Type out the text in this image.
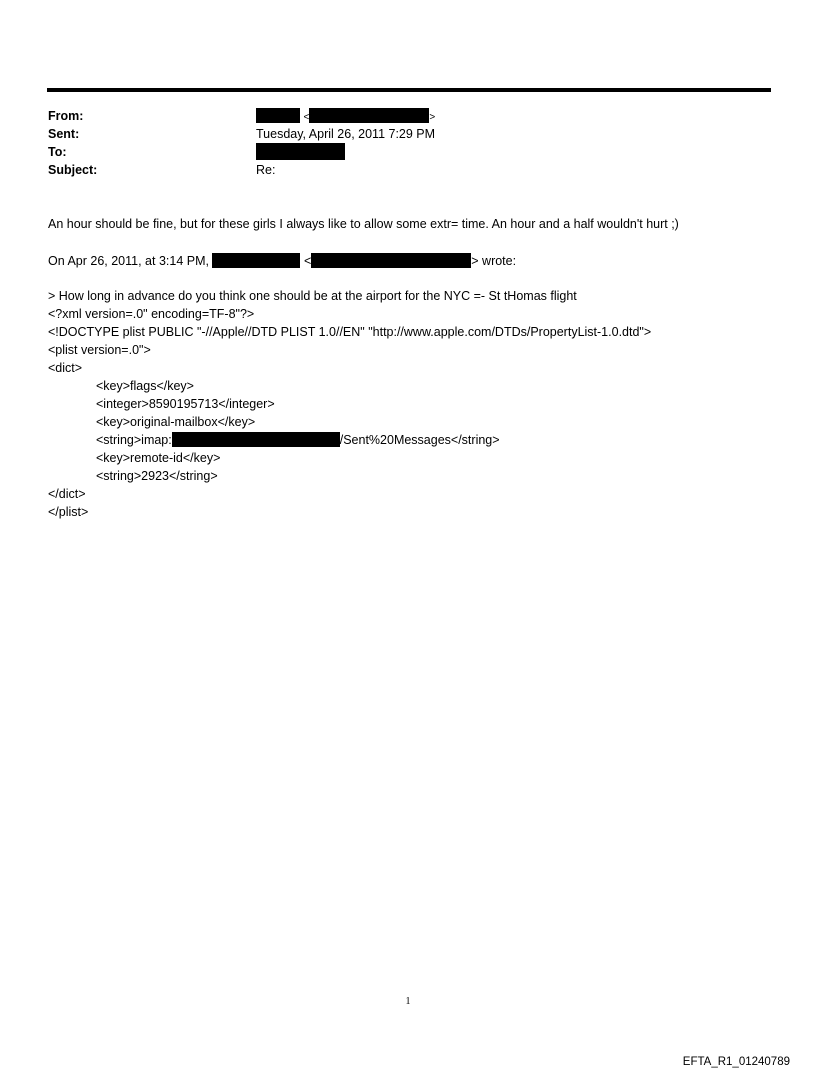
From:	<	>
Sent:	Tuesday, April 26, 2011 7:29 PM
To:
Subject:	Re:
An hour should be fine, but for these girls I always like to allow some extr= time. An hour and a half wouldn't hurt ;)
On Apr 26, 2011, at 3:14 PM,	<	> wrote:
> How long in advance do you think one should be at the airport for the NYC =- St tHomas flight
<?xml version=.0" encoding=TF-8"?>
<!DOCTYPE plist PUBLIC "-//Apple//DTD PLIST 1.0//EN" "http://www.apple.com/DTDs/PropertyList-1.0.dtd">
<plist version=.0">
<dict>
<key>flags</key>
<integer>8590195713</integer>
<key>original-mailbox</key>
<string>imap:	/Sent%20Messages</string>
<key>remote-id</key>
<string>2923</string>
</dict>
</plist>
1
EFTA_R1_01240789
